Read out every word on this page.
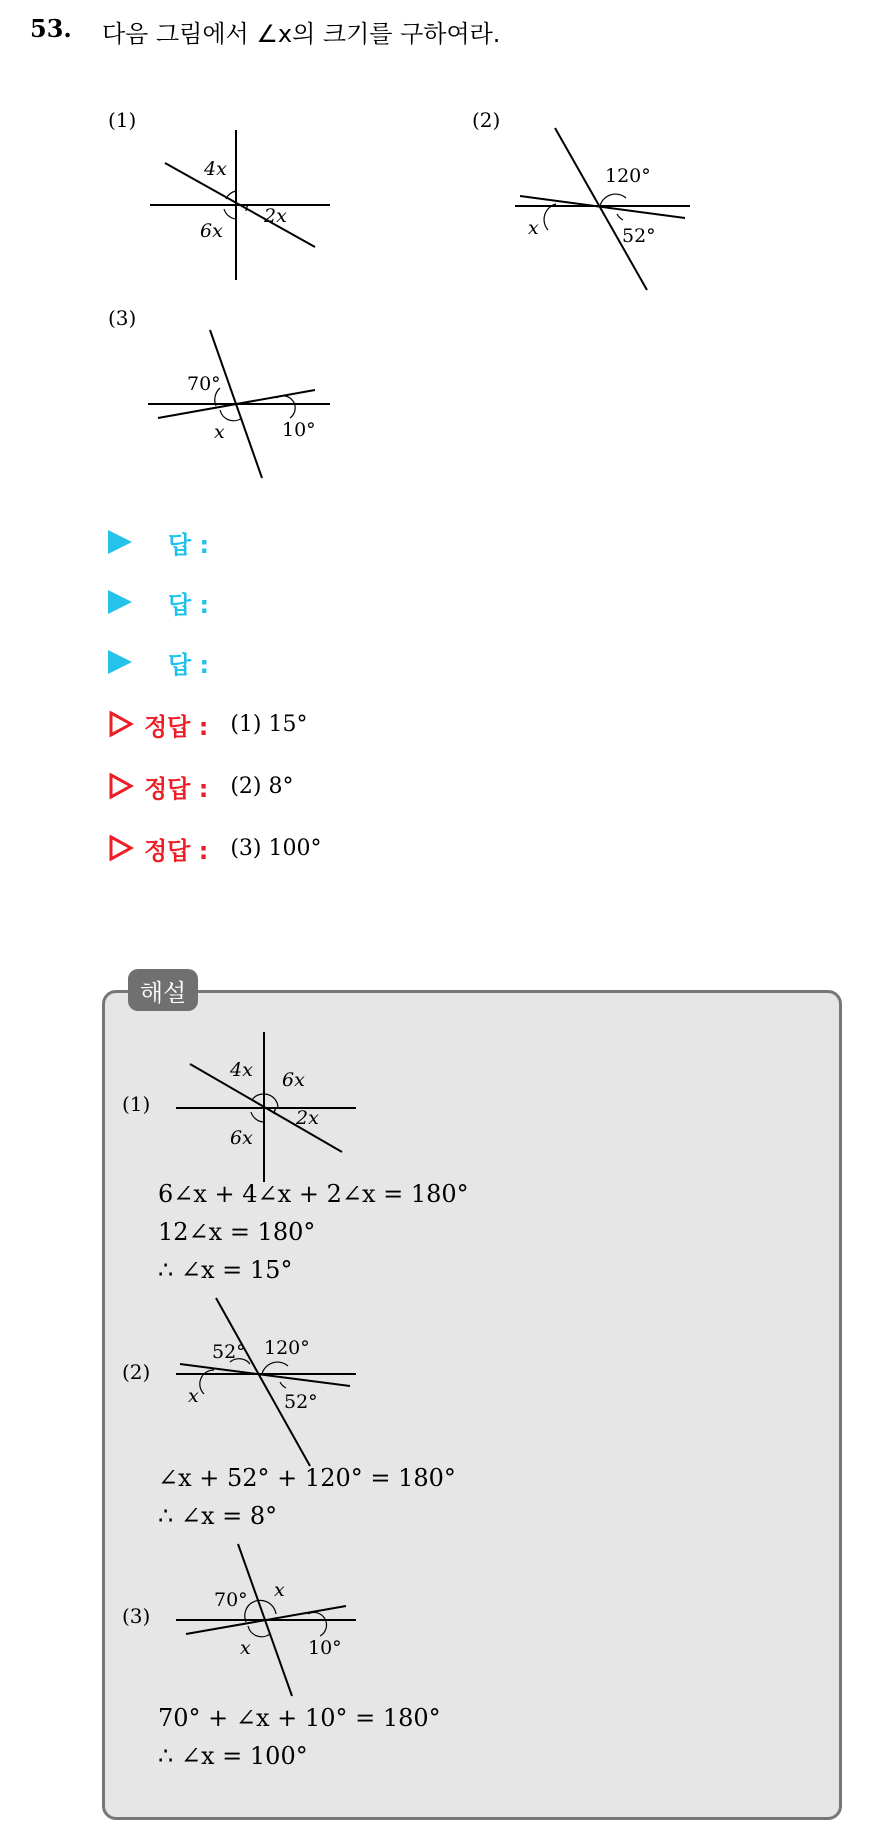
53. 다음 그림에서 ∠x의 크기를 구하여라.
(1)
4x
2x
6x
(2)
120°
52°
x
(3)
70°
x	10°
답 :
답 :
답 :
정답 : (1) 15°
정답 : (2) 8°
정답 : (3) 100°
해설
(1)
4x 6x
2x
6x
6∠x + 4∠x + 2∠x = 180°
12∠x = 180°
∴ ∠x = 15°
(2)
52° 120°
x	52°
∠x + 52° + 120° = 180°
∴ ∠x = 8°
(3)
70° x
x	10°
70° + ∠x + 10° = 180°
∴ ∠x = 100°
